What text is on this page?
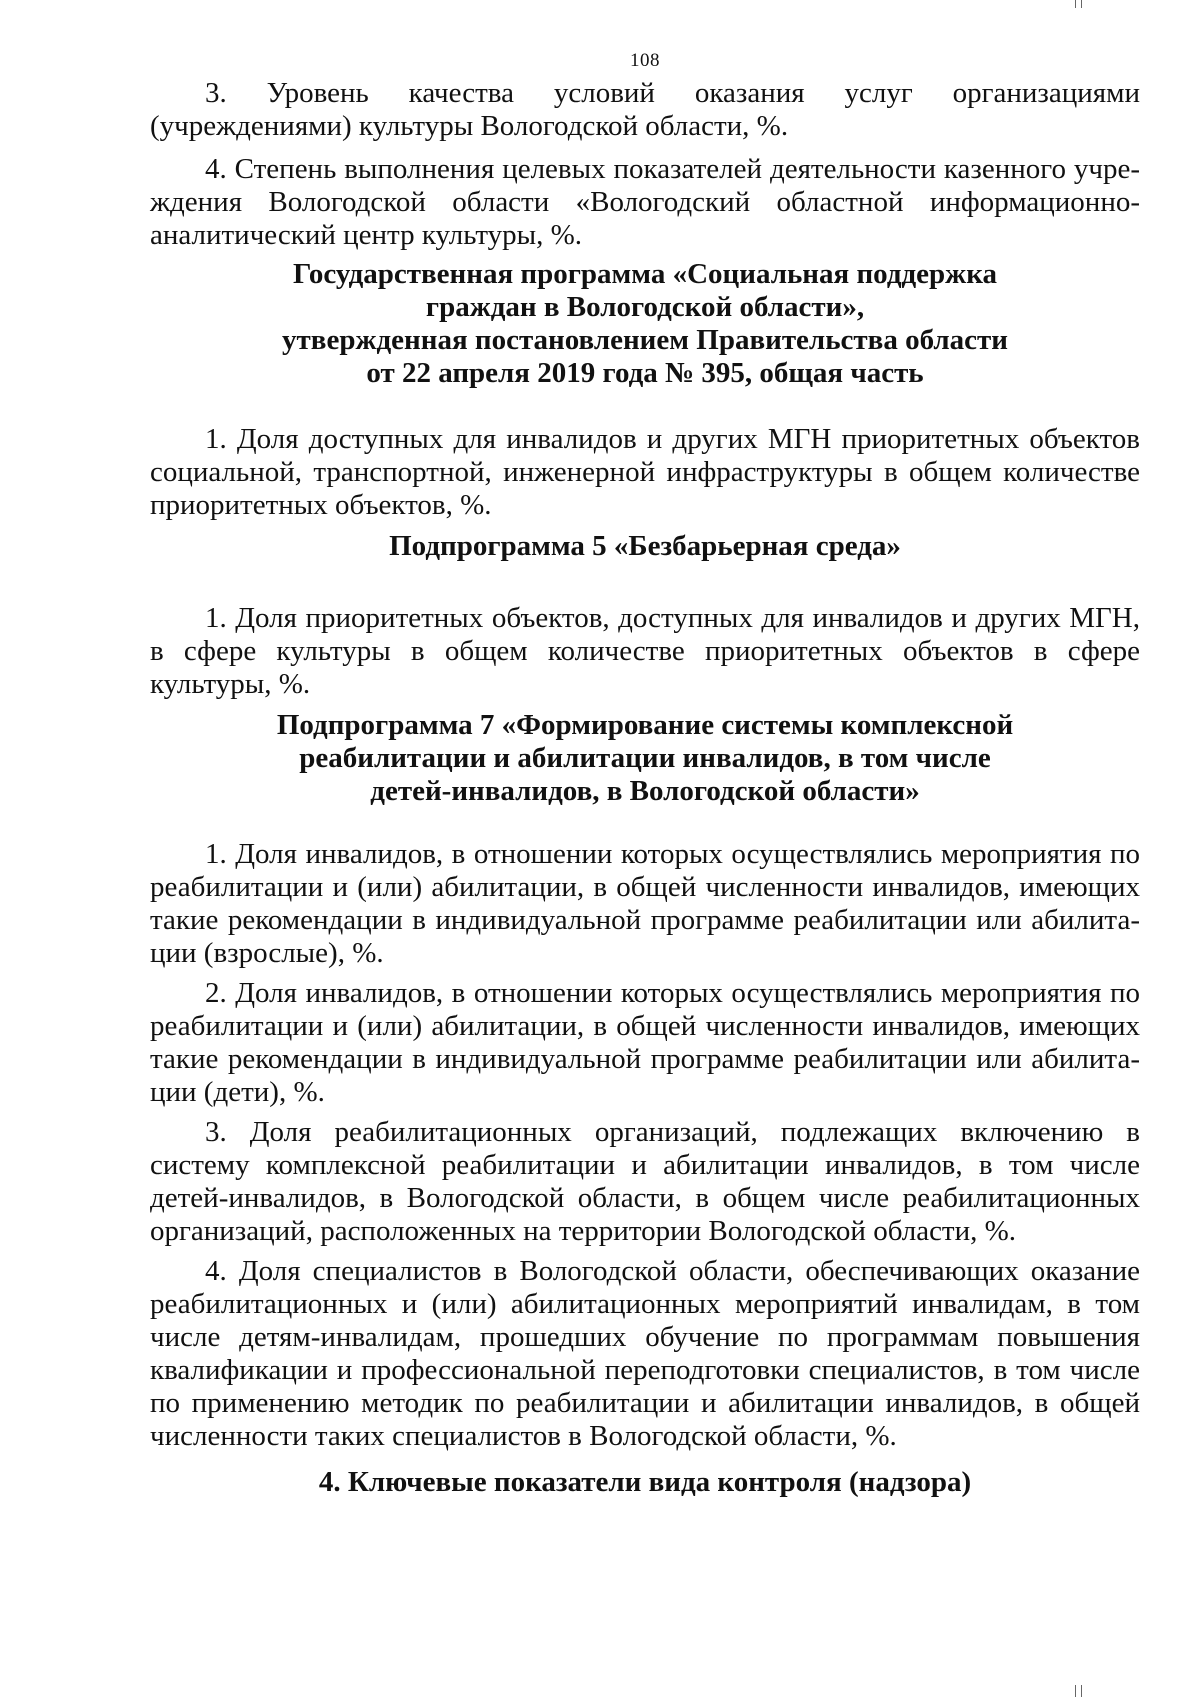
108

3. Уровень качества условий оказания услуг организациями (учреждениями) культуры Вологодской области, %.

4. Степень выполнения целевых показателей деятельности казенного учреждения Вологодской области «Вологодский областной информационно-аналитический центр культуры, %.

Государственная программа «Социальная поддержка
граждан в Вологодской области»,
утвержденная постановлением Правительства области
от 22 апреля 2019 года № 395, общая часть

1. Доля доступных для инвалидов и других МГН приоритетных объектов социальной, транспортной, инженерной инфраструктуры в общем количестве приоритетных объектов, %.

Подпрограмма 5 «Безбарьерная среда»

1. Доля приоритетных объектов, доступных для инвалидов и других МГН, в сфере культуры в общем количестве приоритетных объектов в сфере культуры, %.

Подпрограмма 7 «Формирование системы комплексной
реабилитации и абилитации инвалидов, в том числе
детей-инвалидов, в Вологодской области»

1. Доля инвалидов, в отношении которых осуществлялись мероприятия по реабилитации и (или) абилитации, в общей численности инвалидов, имеющих такие рекомендации в индивидуальной программе реабилитации или абилитации (взрослые), %.

2. Доля инвалидов, в отношении которых осуществлялись мероприятия по реабилитации и (или) абилитации, в общей численности инвалидов, имеющих такие рекомендации в индивидуальной программе реабилитации или абилитации (дети), %.

3. Доля реабилитационных организаций, подлежащих включению в систему комплексной реабилитации и абилитации инвалидов, в том числе детей-инвалидов, в Вологодской области, в общем числе реабилитационных организаций, расположенных на территории Вологодской области, %.

4. Доля специалистов в Вологодской области, обеспечивающих оказание реабилитационных и (или) абилитационных мероприятий инвалидам, в том числе детям-инвалидам, прошедших обучение по программам повышения квалификации и профессиональной переподготовки специалистов, в том числе по применению методик по реабилитации и абилитации инвалидов, в общей численности таких специалистов в Вологодской области, %.

4. Ключевые показатели вида контроля (надзора)
